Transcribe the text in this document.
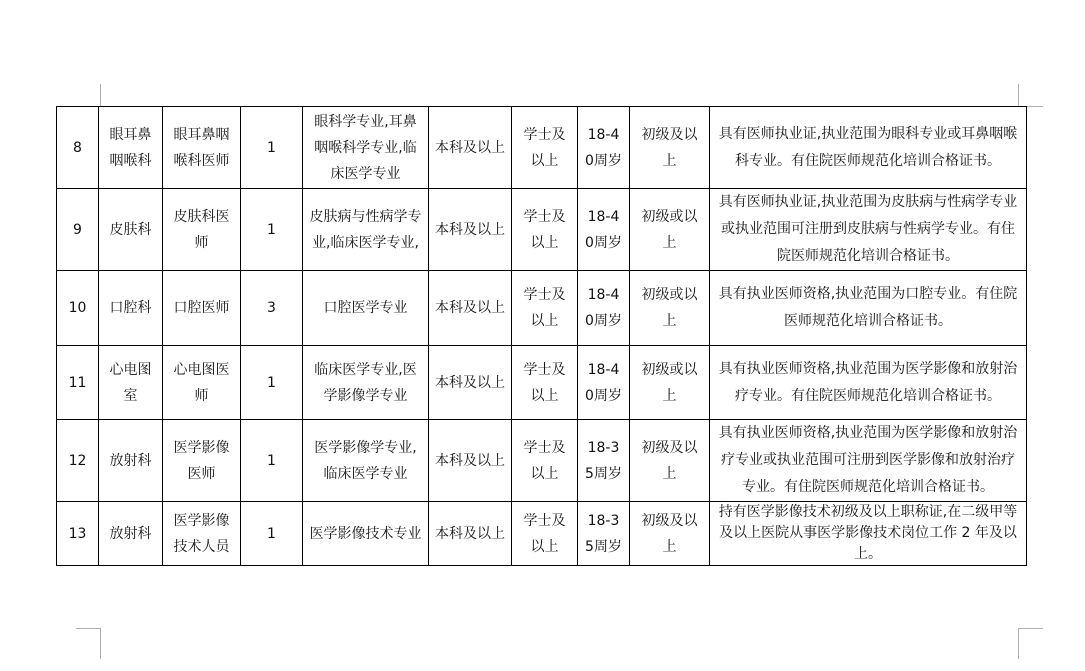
8	眼耳鼻咽喉科	眼耳鼻咽喉科医师	1	眼科学专业,耳鼻咽喉科学专业,临床医学专业	本科及以上	学士及以上	18-40周岁	初级及以上	具有医师执业证,执业范围为眼科专业或耳鼻咽喉科专业。有住院医师规范化培训合格证书。
9	皮肤科	皮肤科医师	1	皮肤病与性病学专业,临床医学专业,	本科及以上	学士及以上	18-40周岁	初级或以上	具有医师执业证,执业范围为皮肤病与性病学专业或执业范围可注册到皮肤病与性病学专业。有住院医师规范化培训合格证书。
10	口腔科	口腔医师	3	口腔医学专业	本科及以上	学士及以上	18-40周岁	初级或以上	具有执业医师资格,执业范围为口腔专业。有住院医师规范化培训合格证书。
11	心电图室	心电图医师	1	临床医学专业,医学影像学专业	本科及以上	学士及以上	18-40周岁	初级或以上	具有执业医师资格,执业范围为医学影像和放射治疗专业。有住院医师规范化培训合格证书。
12	放射科	医学影像医师	1	医学影像学专业,临床医学专业	本科及以上	学士及以上	18-35周岁	初级及以上	具有执业医师资格,执业范围为医学影像和放射治疗专业或执业范围可注册到医学影像和放射治疗专业。有住院医师规范化培训合格证书。
13	放射科	医学影像技术人员	1	医学影像技术专业	本科及以上	学士及以上	18-35周岁	初级及以上	持有医学影像技术初级及以上职称证,在二级甲等及以上医院从事医学影像技术岗位工作 2 年及以上。
